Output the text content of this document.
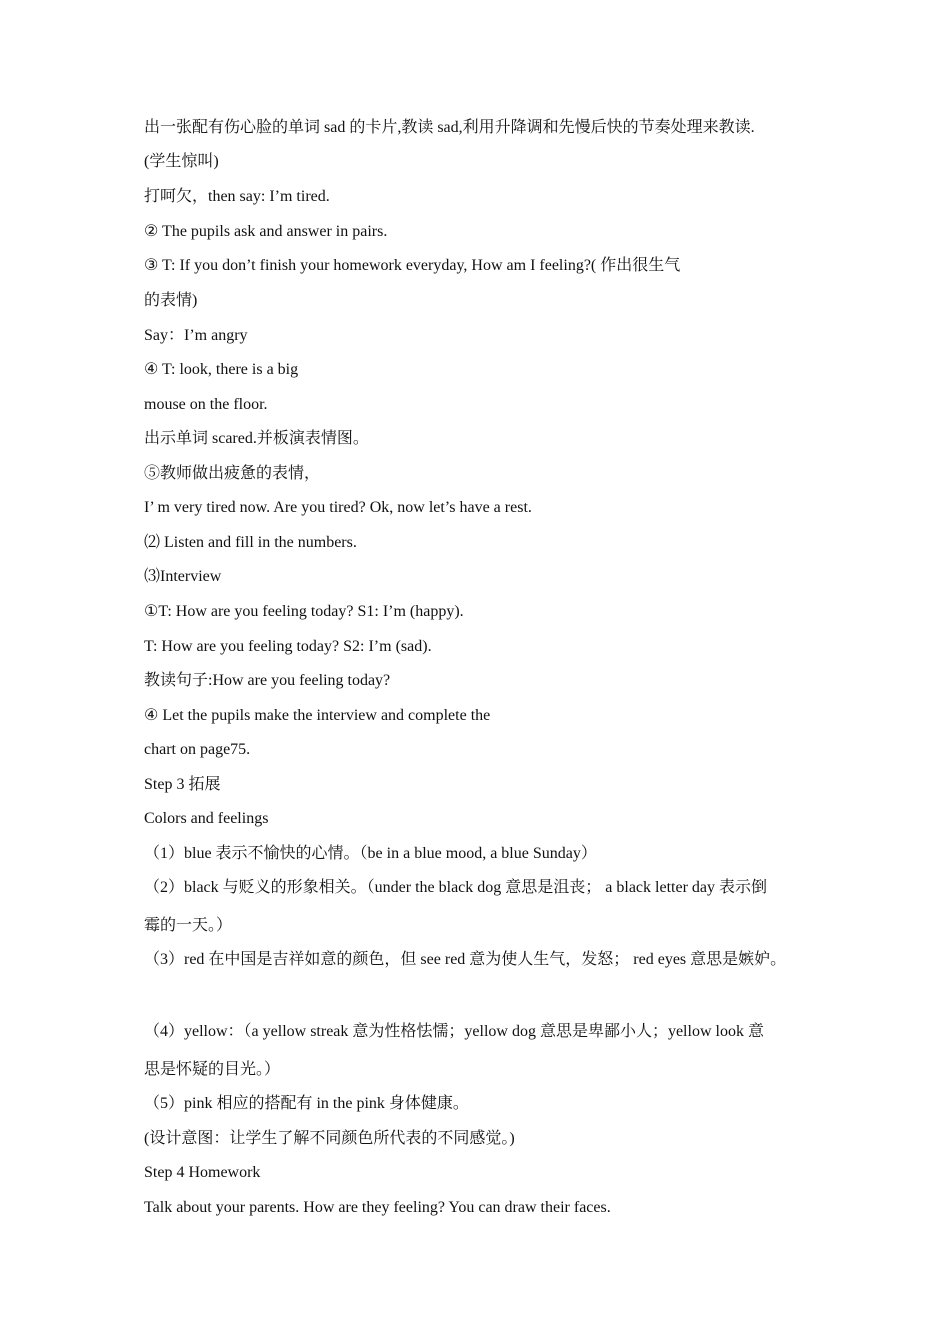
出一张配有伤心脸的单词 sad 的卡片,教读 sad,利用升降调和先慢后快的节奏处理来教读.
(学生惊叫)
打呵欠，then say: I’m tired.
② The pupils ask and answer in pairs.
③ T: If you don’t finish your homework everyday, How am I feeling?( 作出很生气
的表情)
Say：I’m angry
④ T: look, there is a big
mouse on the floor.
出示单词 scared.并板演表情图。
⑤教师做出疲惫的表情，
I’ m very tired now. Are you tired? Ok, now let’s have a rest.
⑵ Listen and fill in the numbers.
⑶Interview
①T: How are you feeling today? S1: I’m (happy).
T: How are you feeling today? S2: I’m (sad).
教读句子:How are you feeling today?
④ Let the pupils make the interview and complete the
chart on page75.
Step 3 拓展
Colors and feelings
（1）blue 表示不愉快的心情。（be in a blue mood, a blue Sunday）
（2）black 与贬义的形象相关。（under the black dog 意思是沮丧； a black letter day 表示倒
霉的一天。）
（3）red 在中国是吉祥如意的颜色，但 see red 意为使人生气，发怒； red eyes 意思是嫉妒。
（4）yellow：（a yellow streak 意为性格怯懦；yellow dog 意思是卑鄙小人；yellow look 意
思是怀疑的目光。）
（5）pink 相应的搭配有 in the pink 身体健康。
(设计意图：让学生了解不同颜色所代表的不同感觉。)
Step 4 Homework
Talk about your parents. How are they feeling? You can draw their faces.
